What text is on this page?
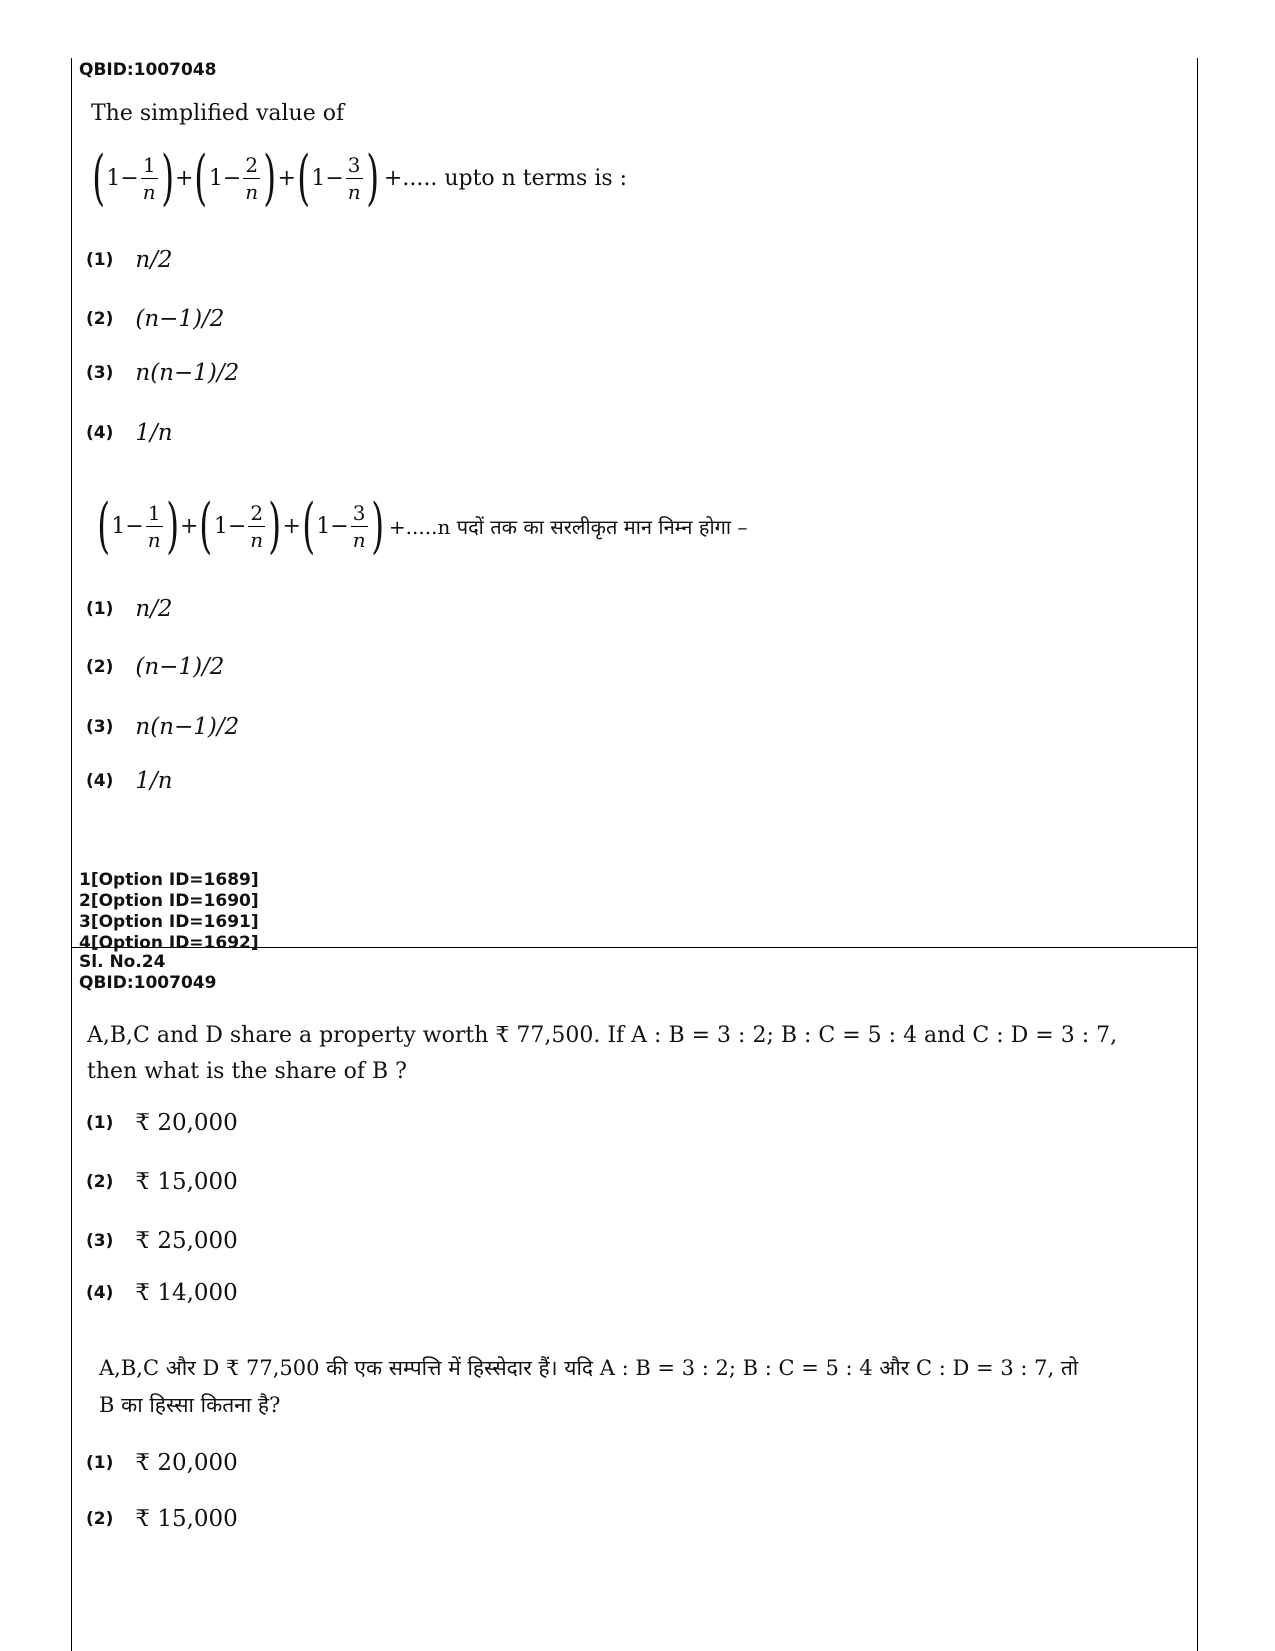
QBID:1007048
The simplified value of
( $1 - \frac{1}{n}$ ) + ( $1 - \frac{2}{n}$ ) + ( $1 - \frac{3}{n}$ ) +..... upto n terms is :
(1) n/2
(2) (n−1)/2
(3) n(n−1)/2
(4) 1/n
( $1 - \frac{1}{n}$ ) + ( $1 - \frac{2}{n}$ ) + ( $1 - \frac{3}{n}$ ) +.....n पदों तक का सरलीकृत मान निम्न होगा –
(1) n/2
(2) (n−1)/2
(3) n(n−1)/2
(4) 1/n
1[Option ID=1689]
2[Option ID=1690]
3[Option ID=1691]
4[Option ID=1692]
Sl. No.24
QBID:1007049
A,B,C and D share a property worth ₹ 77,500. If A : B = 3 : 2; B : C = 5 : 4 and C : D = 3 : 7,
then what is the share of B ?
(1) ₹ 20,000
(2) ₹ 15,000
(3) ₹ 25,000
(4) ₹ 14,000
A,B,C और D ₹ 77,500 की एक सम्पत्ति में हिस्सेदार हैं। यदि A : B = 3 : 2; B : C = 5 : 4 और C : D = 3 : 7, तो
B का हिस्सा कितना है?
(1) ₹ 20,000
(2) ₹ 15,000
